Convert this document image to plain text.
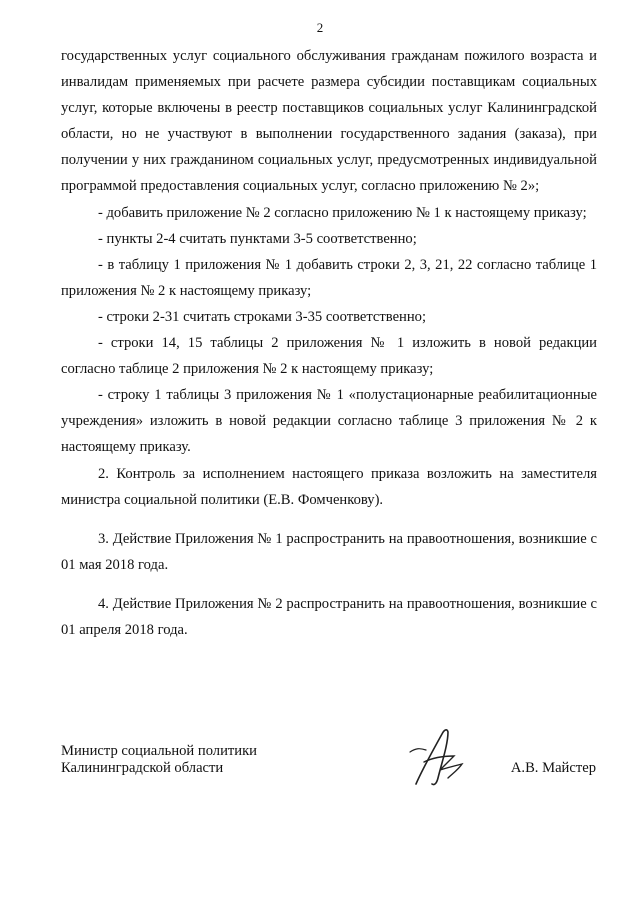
2

государственных услуг социального обслуживания гражданам пожилого возраста и инвалидам применяемых при расчете размера субсидии поставщикам социальных услуг, которые включены в реестр поставщиков социальных услуг Калининградской области, но не участвуют в выполнении государственного задания (заказа), при получении у них гражданином социальных услуг, предусмотренных индивидуальной программой предоставления социальных услуг, согласно приложению № 2»;

- добавить приложение № 2 согласно приложению № 1 к настоящему приказу;

- пункты 2-4 считать пунктами 3-5 соответственно;

- в таблицу 1 приложения № 1 добавить строки 2, 3, 21, 22 согласно таблице 1 приложения № 2 к настоящему приказу;

- строки 2-31 считать строками 3-35 соответственно;

- строки 14, 15 таблицы 2 приложения № 1 изложить в новой редакции согласно таблице 2 приложения № 2 к настоящему приказу;

- строку 1 таблицы 3 приложения № 1 «полустационарные реабилитационные учреждения» изложить в новой редакции согласно таблице 3 приложения № 2 к настоящему приказу.

2. Контроль за исполнением настоящего приказа возложить на заместителя министра социальной политики (Е.В. Фомченкову).

3. Действие Приложения № 1 распространить на правоотношения, возникшие с 01 мая 2018 года.

4. Действие Приложения № 2 распространить на правоотношения, возникшие с 01 апреля 2018 года.

Министр социальной политики
Калининградской области	А.В. Майстер
